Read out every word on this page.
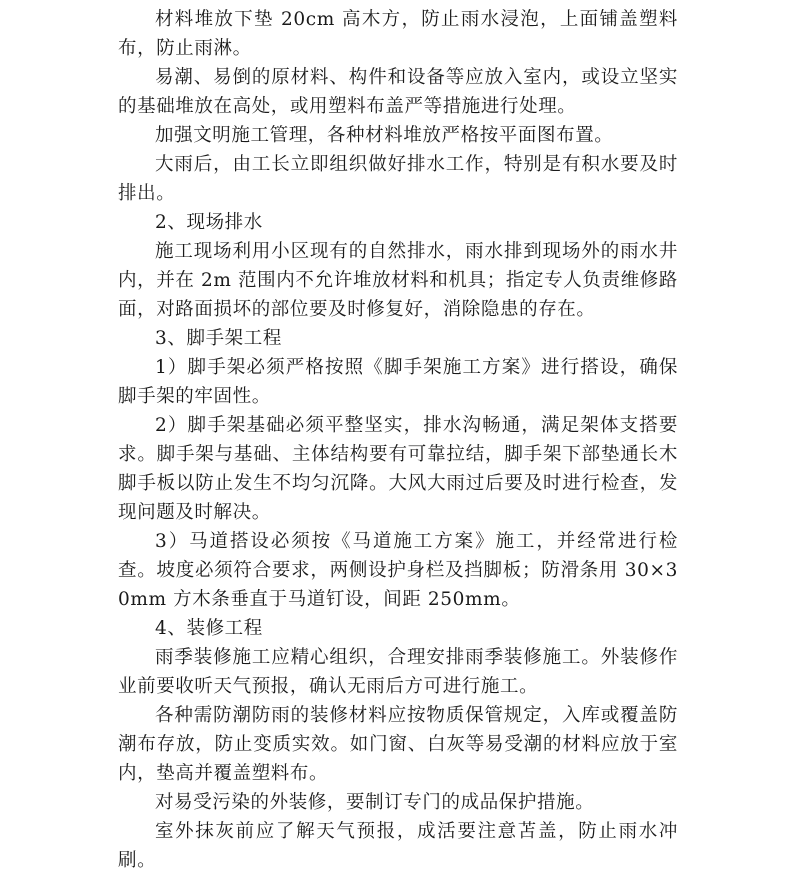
材料堆放下垫 20cm 高木方，防止雨水浸泡，上面铺盖塑料布，防止雨淋。

易潮、易倒的原材料、构件和设备等应放入室内，或设立坚实的基础堆放在高处，或用塑料布盖严等措施进行处理。

加强文明施工管理，各种材料堆放严格按平面图布置。

大雨后，由工长立即组织做好排水工作，特别是有积水要及时排出。

2、现场排水

施工现场利用小区现有的自然排水，雨水排到现场外的雨水井内，并在 2m 范围内不允许堆放材料和机具；指定专人负责维修路面，对路面损坏的部位要及时修复好，消除隐患的存在。

3、脚手架工程

1）脚手架必须严格按照《脚手架施工方案》进行搭设，确保脚手架的牢固性。

2）脚手架基础必须平整坚实，排水沟畅通，满足架体支搭要求。脚手架与基础、主体结构要有可靠拉结，脚手架下部垫通长木脚手板以防止发生不均匀沉降。大风大雨过后要及时进行检查，发现问题及时解决。

3）马道搭设必须按《马道施工方案》施工，并经常进行检查。坡度必须符合要求，两侧设护身栏及挡脚板；防滑条用 30×30mm 方木条垂直于马道钉设，间距 250mm。

4、装修工程

雨季装修施工应精心组织，合理安排雨季装修施工。外装修作业前要收听天气预报，确认无雨后方可进行施工。

各种需防潮防雨的装修材料应按物质保管规定，入库或覆盖防潮布存放，防止变质实效。如门窗、白灰等易受潮的材料应放于室内，垫高并覆盖塑料布。

对易受污染的外装修，要制订专门的成品保护措施。

室外抹灰前应了解天气预报，成活要注意苫盖，防止雨水冲刷。
